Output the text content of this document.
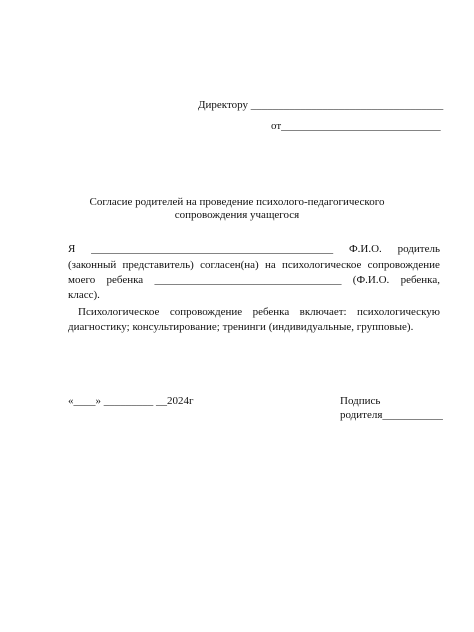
Директору ___________________________________
от_____________________________
Согласие родителей на проведение психолого-педагогического
сопровождения учащегося
Я ____________________________________________ Ф.И.О. родитель
(законный представитель) согласен(на) на психологическое сопровождение
моего ребенка __________________________________ (Ф.И.О. ребенка,
класс).
Психологическое сопровождение ребенка включает: психологическую
диагностику; консультирование; тренинги (индивидуальные, групповые).
«____» _________ __2024г	Подпись
родителя___________
